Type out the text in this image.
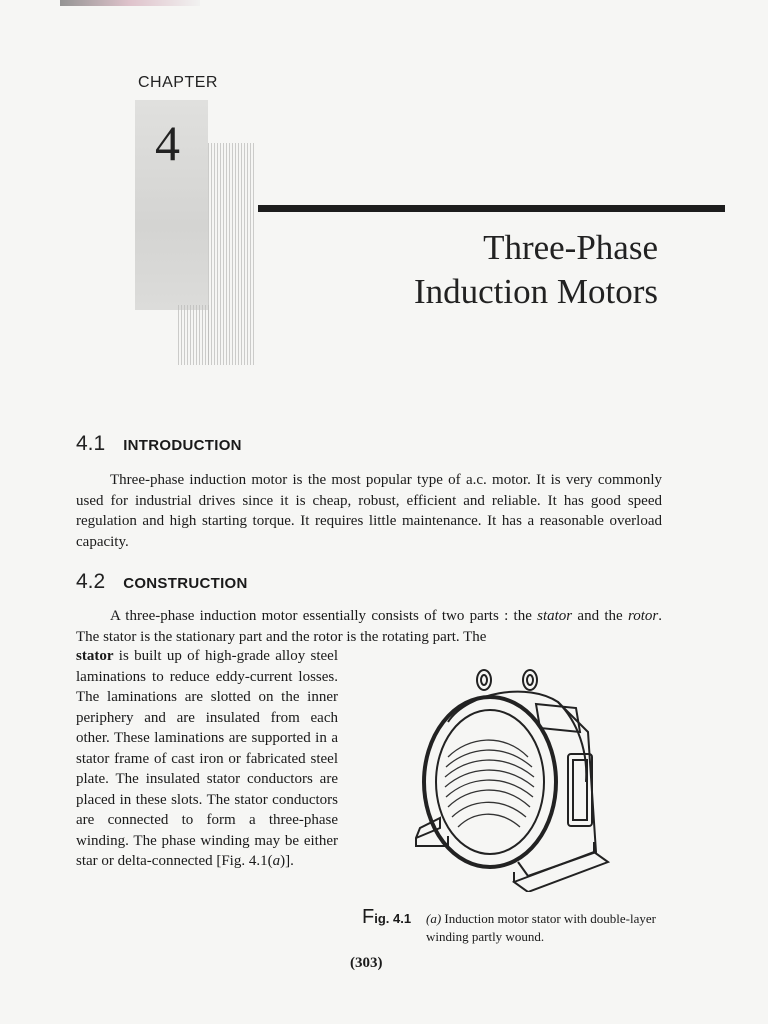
CHAPTER
4
Three-Phase
Induction Motors
4.1 INTRODUCTION
Three-phase induction motor is the most popular type of a.c. motor. It is very commonly used for industrial drives since it is cheap, robust, efficient and reliable. It has good speed regulation and high starting torque. It requires little maintenance. It has a reasonable overload capacity.
4.2 CONSTRUCTION
A three-phase induction motor essentially consists of two parts : the stator and the rotor. The stator is the stationary part and the rotor is the rotating part. The
stator is built up of high-grade alloy steel laminations to reduce eddy-current losses. The laminations are slotted on the inner periphery and are insulated from each other. These laminations are supported in a stator frame of cast iron or fabricated steel plate. The insulated stator conductors are placed in these slots. The stator conductors are connected to form a three-phase winding. The phase winding may be either star or delta-connected [Fig. 4.1(a)].
Fig. 4.1 (a) Induction motor stator with double-layer winding partly wound.
(303)
